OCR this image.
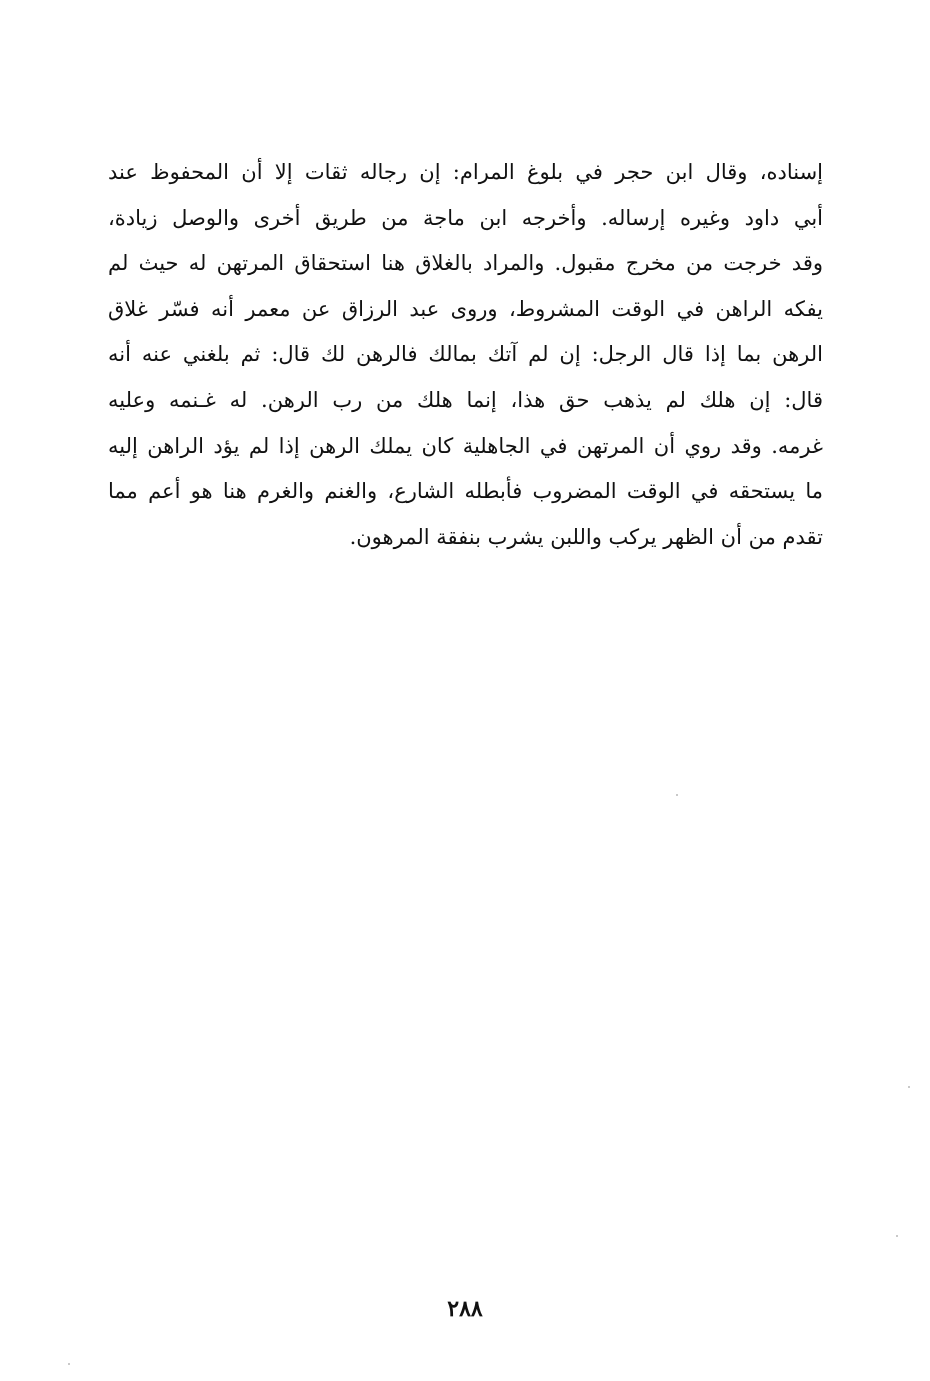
إسناده، وقال ابن حجر في بلوغ المرام: إن رجاله ثقات إلا أن المحفوظ عند
أبي داود وغيره إرساله. وأخرجه ابن ماجة من طريق أخرى والوصل زيادة،
وقد خرجت من مخرج مقبول. والمراد بالغلاق هنا استحقاق المرتهن له حيث لم
يفكه الراهن في الوقت المشروط، وروى عبد الرزاق عن معمر أنه فسّر غلاق
الرهن بما إذا قال الرجل: إن لم آتك بمالك فالرهن لك قال: ثم بلغني عنه أنه
قال: إن هلك لم يذهب حق هذا، إنما هلك من رب الرهن. له غـنمه وعليه
غرمه. وقد روي أن المرتهن في الجاهلية كان يملك الرهن إذا لم يؤد الراهن إليه
ما يستحقه في الوقت المضروب فأبطله الشارع، والغنم والغرم هنا هو أعم مما
تقدم من أن الظهر يركب واللبن يشرب بنفقة المرهون.
٢٨٨
